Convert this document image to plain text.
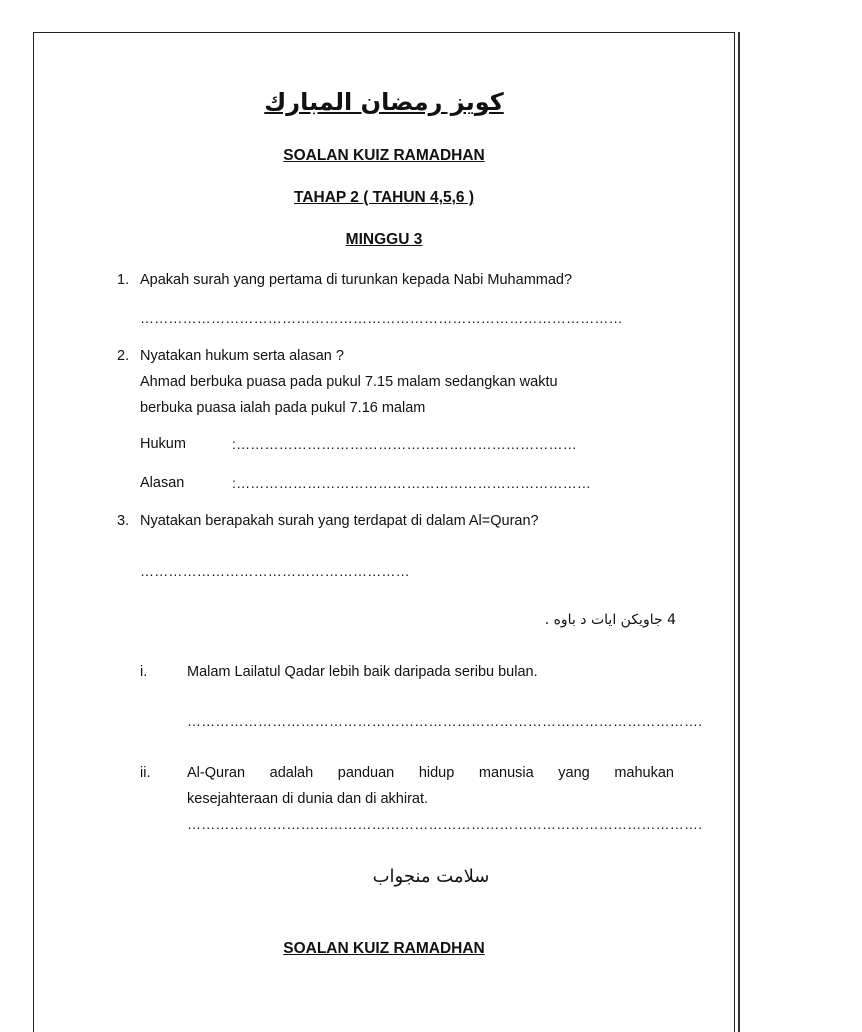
كويز رمضان المبارك
SOALAN KUIZ RAMADHAN
TAHAP 2 ( TAHUN 4,5,6 )
MINGGU 3
1. Apakah surah yang pertama di turunkan kepada Nabi Muhammad?
…………………………………………………………………………………………
2. Nyatakan hukum serta alasan ?
Ahmad berbuka puasa pada pukul 7.15 malam sedangkan waktu
berbuka puasa ialah pada pukul 7.16 malam
Hukum	:………………………………………………………………
Alasan	:…………………………………………………………………
3. Nyatakan berapakah surah yang terdapat di dalam Al=Quran?
…………………………………………………
4 جاويكن ايات د باوه .
i.	Malam Lailatul Qadar lebih baik daripada seribu bulan.
……………………………………………………………………………………………….
ii.	Al-Quran adalah panduan hidup manusia yang mahukan
kesejahteraan di dunia dan di akhirat.
……………………………………………………………………………………………….
سلامت منجواب
SOALAN KUIZ RAMADHAN
